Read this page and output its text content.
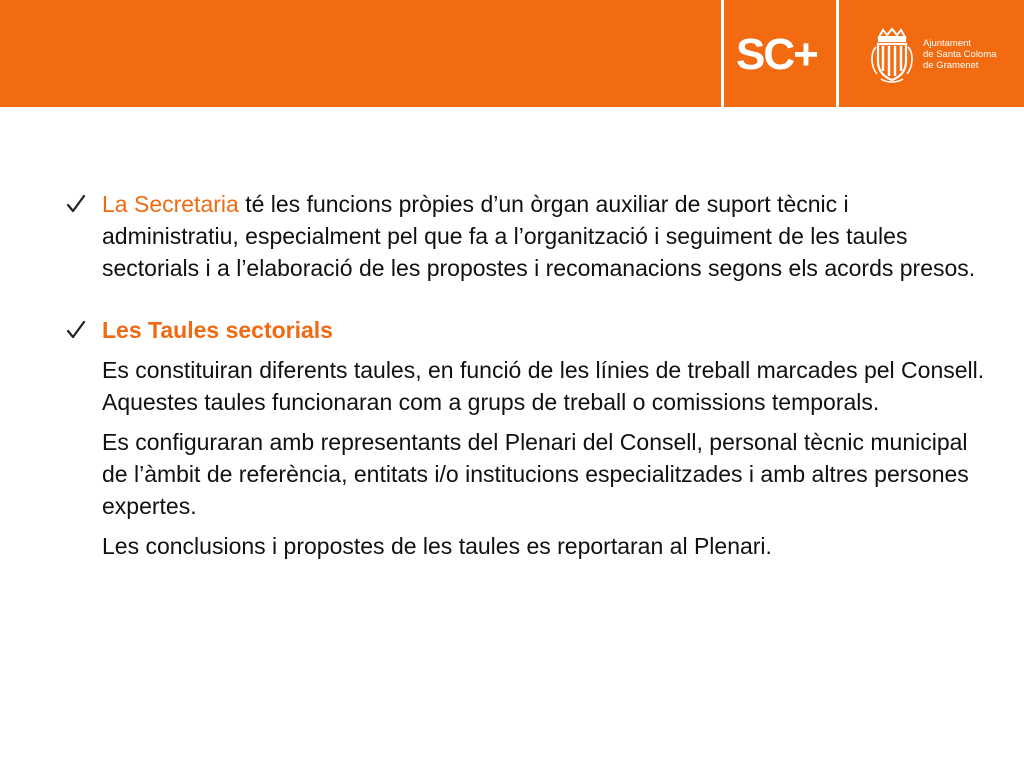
SC+	Ajuntament
de Santa Coloma
de Gramenet
La Secretaria té les funcions pròpies d’un òrgan auxiliar de suport tècnic i administratiu, especialment pel que fa a l’organització i seguiment de les taules sectorials i a l’elaboració de les propostes i recomanacions segons els acords presos.
Les Taules sectorials
Es constituiran diferents taules, en funció de les línies de treball marcades pel Consell. Aquestes taules funcionaran com a grups de treball o comissions temporals.
Es configuraran amb representants del Plenari del Consell, personal tècnic municipal de l’àmbit de referència, entitats i/o institucions especialitzades i amb altres persones expertes.
Les conclusions i propostes de les taules es reportaran al Plenari.
